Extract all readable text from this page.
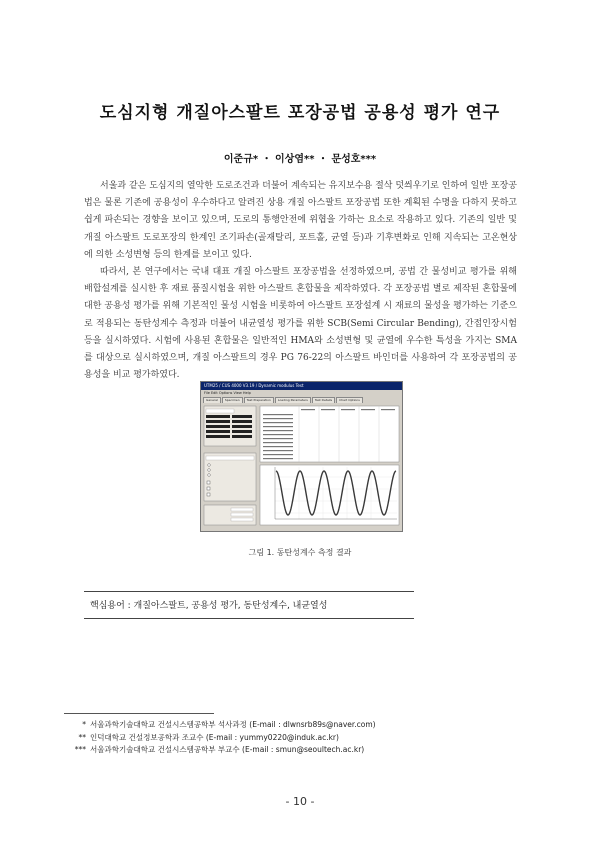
도심지형 개질아스팔트 포장공법 공용성 평가 연구
이준규* ・ 이상염** ・ 문성호***

서울과 같은 도심지의 열악한 도로조건과 더불어 계속되는 유지보수용 절삭 덧씌우기로 인하여 일반 포장공법은 물론 기존에 공용성이 우수하다고 알려진 상용 개질 아스팔트 포장공법 또한 계획된 수명을 다하지 못하고 쉽게 파손되는 경향을 보이고 있으며, 도로의 통행안전에 위협을 가하는 요소로 작용하고 있다. 기존의 일반 및 개질 아스팔트 도로포장의 한계인 조기파손(골재탈리, 포트홀, 균열 등)과 기후변화로 인해 지속되는 고온현상에 의한 소성변형 등의 한계를 보이고 있다.

따라서, 본 연구에서는 국내 대표 개질 아스팔트 포장공법을 선정하였으며, 공법 간 물성비교 평가를 위해 배합설계를 실시한 후 재료 품질시험을 위한 아스팔트 혼합물을 제작하였다. 각 포장공법 별로 제작된 혼합물에 대한 공용성 평가를 위해 기본적인 물성 시험을 비롯하여 아스팔트 포장설계 시 재료의 물성을 평가하는 기준으로 적용되는 동탄성계수 측정과 더불어 내균열성 평가를 위한 SCB(Semi Circular Bending), 간접인장시험 등을 실시하였다. 시험에 사용된 혼합물은 일반적인 HMA와 소성변형 및 균열에 우수한 특성을 가지는 SMA를 대상으로 실시하였으며, 개질 아스팔트의 경우 PG 76-22의 아스팔트 바인더를 사용하여 각 포장공법의 공용성을 비교 평가하였다.

UTM25 / CUS 4000 V3.19 / Dynamic modulus Test
File Edit Options View Help
General Specimen Test Preparation Loading Parameters Test Details Chart Options
그림 1. 동탄성계수 측정 결과
핵심용어 : 개질아스팔트, 공용성 평가, 동탄성계수, 내균열성
* 서울과학기술대학교 건설시스템공학부 석사과정 (E-mail : dlwnsrb89s@naver.com)
** 인덕대학교 건설정보공학과 조교수 (E-mail : yummy0220@induk.ac.kr)
*** 서울과학기술대학교 건설시스템공학부 부교수 (E-mail : smun@seoultech.ac.kr)
- 10 -
